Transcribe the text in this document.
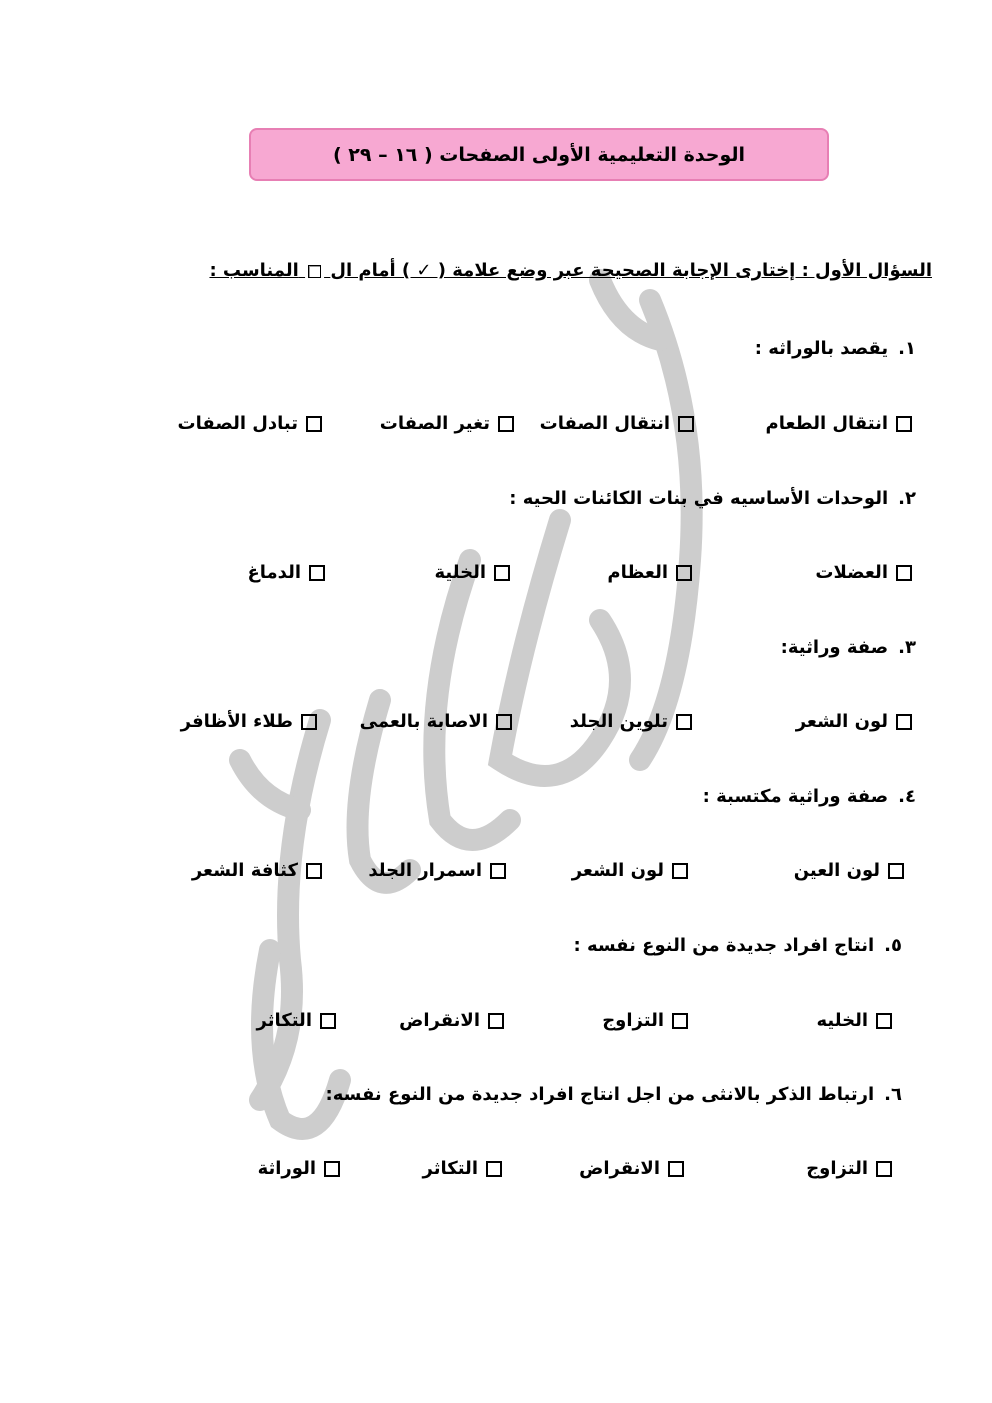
الوحدة التعليمية الأولى الصفحات ( ١٦ – ٢٩ )
السؤال الأول : إختارى الإجابة الصحيحة عبر وضع علامة ( ✓ ) أمام ال  المناسب :
١.يقصد بالوراثه :
انتقال الطعام
انتقال الصفات
تغير الصفات
تبادل الصفات
٢.الوحدات الأساسيه في بنات الكائنات الحيه :
العضلات
العظام
الخلية
الدماغ
٣.صفة وراثية:
لون الشعر
تلوين الجلد
الاصابة بالعمى
طلاء الأظافر
٤.صفة وراثية مكتسبة :
لون العين
لون الشعر
اسمرار الجلد
كثافة الشعر
٥.انتاج افراد جديدة من النوع نفسه :
الخليه
التزاوج
الانقراض
التكاثر
٦.ارتباط الذكر بالانثى من اجل انتاج افراد جديدة من النوع نفسه:
التزاوج
الانقراض
التكاثر
الوراثة
